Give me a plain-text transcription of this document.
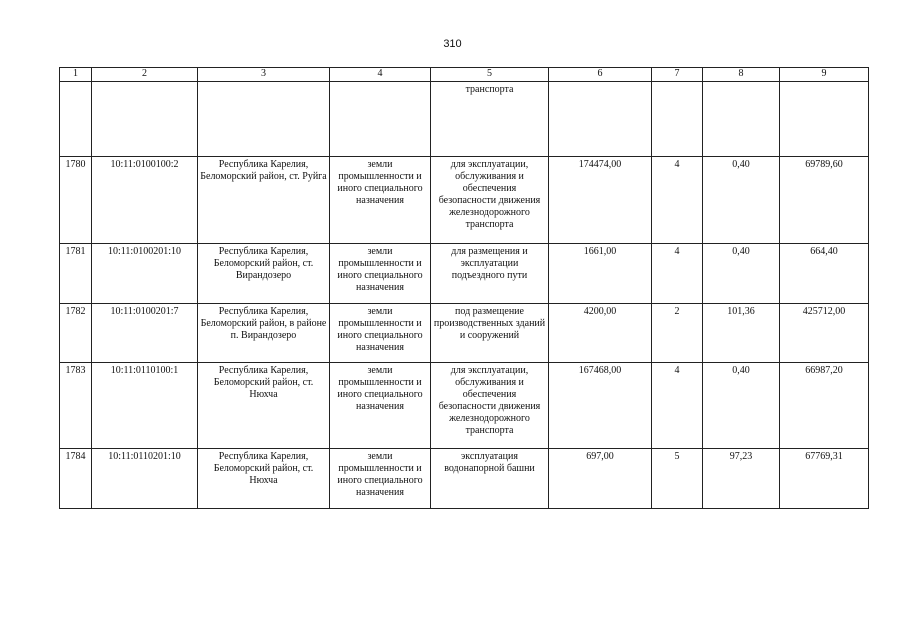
310
1	2	3	4	5	6	7	8	9
				транспорта				
1780	10:11:0100100:2	Республика Карелия, Беломорский район, ст. Руйга	земли промышленности и иного специального назначения	для эксплуатации, обслуживания и обеспечения безопасности движения железнодорожного транспорта	174474,00	4	0,40	69789,60
1781	10:11:0100201:10	Республика Карелия, Беломорский район, ст. Вирандозеро	земли промышленности и иного специального назначения	для размещения и эксплуатации подъездного пути	1661,00	4	0,40	664,40
1782	10:11:0100201:7	Республика Карелия, Беломорский район, в районе п. Вирандозеро	земли промышленности и иного специального назначения	под размещение производственных зданий и сооружений	4200,00	2	101,36	425712,00
1783	10:11:0110100:1	Республика Карелия, Беломорский район, ст. Нюхча	земли промышленности и иного специального назначения	для эксплуатации, обслуживания и обеспечения безопасности движения железнодорожного транспорта	167468,00	4	0,40	66987,20
1784	10:11:0110201:10	Республика Карелия, Беломорский район, ст. Нюхча	земли промышленности и иного специального назначения	эксплуатация водонапорной башни	697,00	5	97,23	67769,31
